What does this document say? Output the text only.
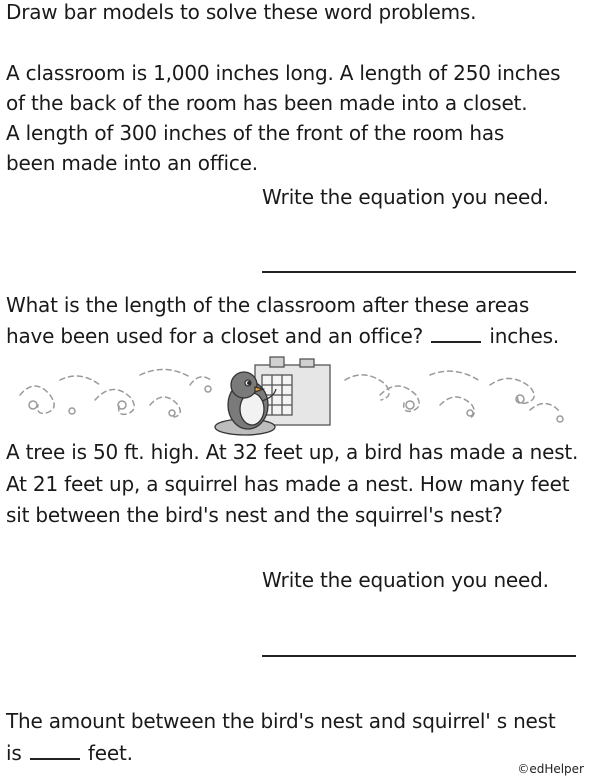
Draw bar models to solve these word problems.
A classroom is 1,000 inches long. A length of 250 inches
of the back of the room has been made into a closet.
A length of 300 inches of the front of the room has
been made into an office.
Write the equation you need.
What is the length of the classroom after these areas
have been used for a closet and an office?	inches.
A tree is 50 ft. high. At 32 feet up, a bird has made a nest.
At 21 feet up, a squirrel has made a nest. How many feet
sit between the bird's nest and the squirrel's nest?
Write the equation you need.
The amount between the bird's nest and squirrel' s nest
is	feet.
©edHelper
